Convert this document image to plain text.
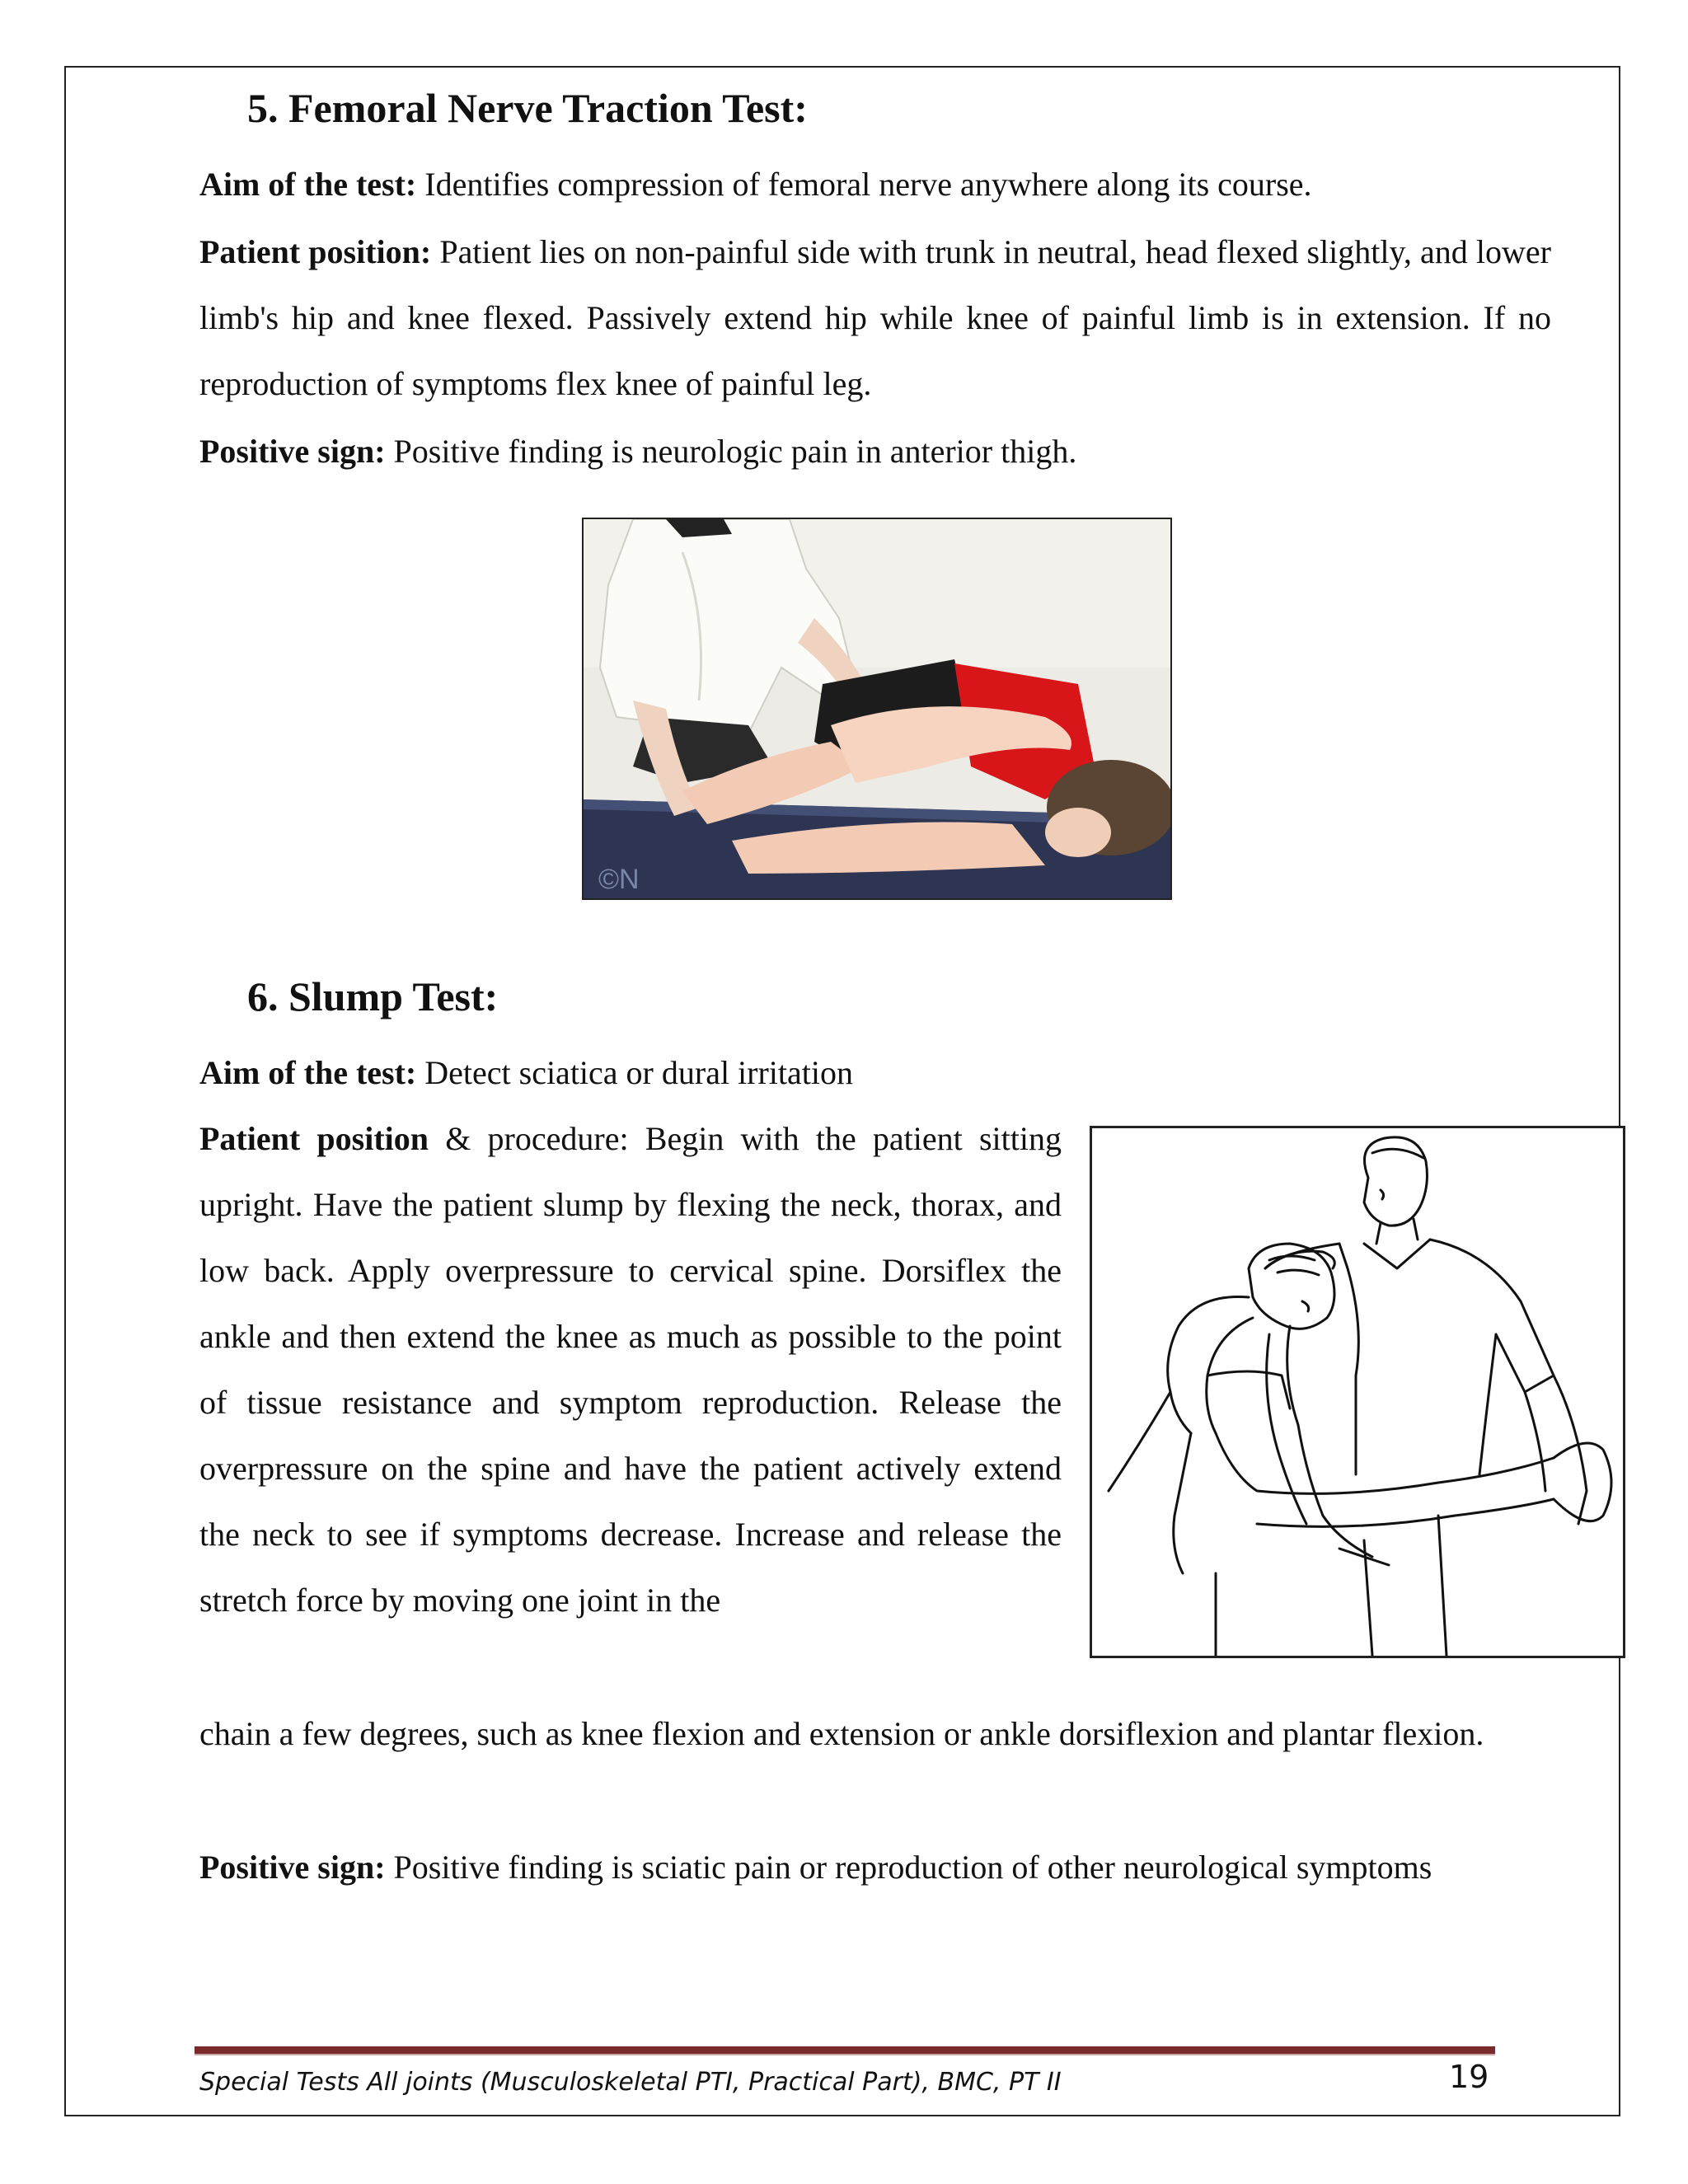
5. Femoral Nerve Traction Test:

Aim of the test: Identifies compression of femoral nerve anywhere along its course.

Patient position: Patient lies on non-painful side with trunk in neutral, head flexed slightly, and lower limb's hip and knee flexed. Passively extend hip while knee of painful limb is in extension. If no reproduction of symptoms flex knee of painful leg.

Positive sign: Positive finding is neurologic pain in anterior thigh.

©N
6. Slump Test:

Aim of the test: Detect sciatica or dural irritation

Patient position & procedure: Begin with the patient sitting upright. Have the patient slump by flexing the neck, thorax, and low back. Apply overpressure to cervical spine. Dorsiflex the ankle and then extend the knee as much as possible to the point of tissue resistance and symptom reproduction. Release the overpressure on the spine and have the patient actively extend the neck to see if symptoms decrease. Increase and release the stretch force by moving one joint in the

chain a few degrees, such as knee flexion and extension or ankle dorsiflexion and plantar flexion.

Positive sign: Positive finding is sciatic pain or reproduction of other neurological symptoms

Special Tests All joints (Musculoskeletal PTI, Practical Part), BMC, PT II	19
